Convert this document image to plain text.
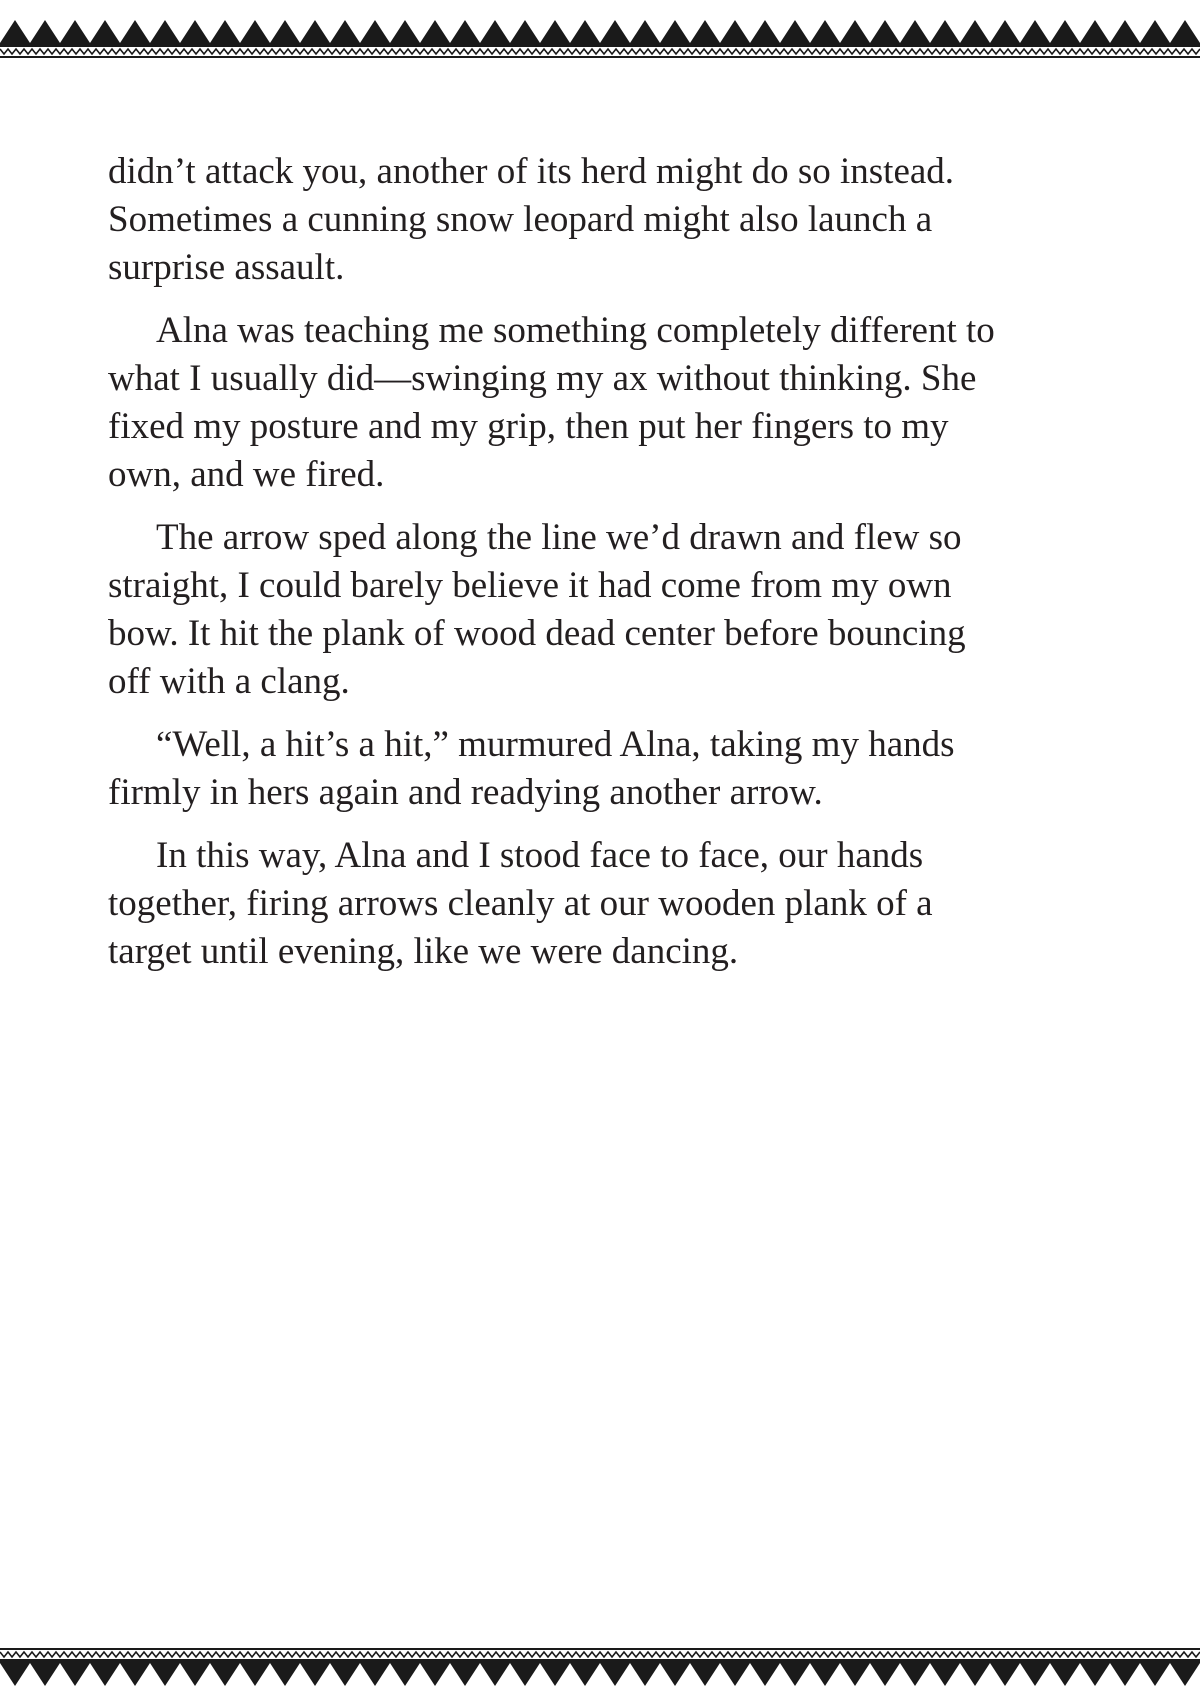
didn’t attack you, another of its herd might do so instead.
Sometimes a cunning snow leopard might also launch a
surprise assault.

Alna was teaching me something completely different to
what I usually did—swinging my ax without thinking. She
fixed my posture and my grip, then put her fingers to my
own, and we fired.

The arrow sped along the line we’d drawn and flew so
straight, I could barely believe it had come from my own
bow. It hit the plank of wood dead center before bouncing
off with a clang.

“Well, a hit’s a hit,” murmured Alna, taking my hands
firmly in hers again and readying another arrow.

In this way, Alna and I stood face to face, our hands
together, firing arrows cleanly at our wooden plank of a
target until evening, like we were dancing.
